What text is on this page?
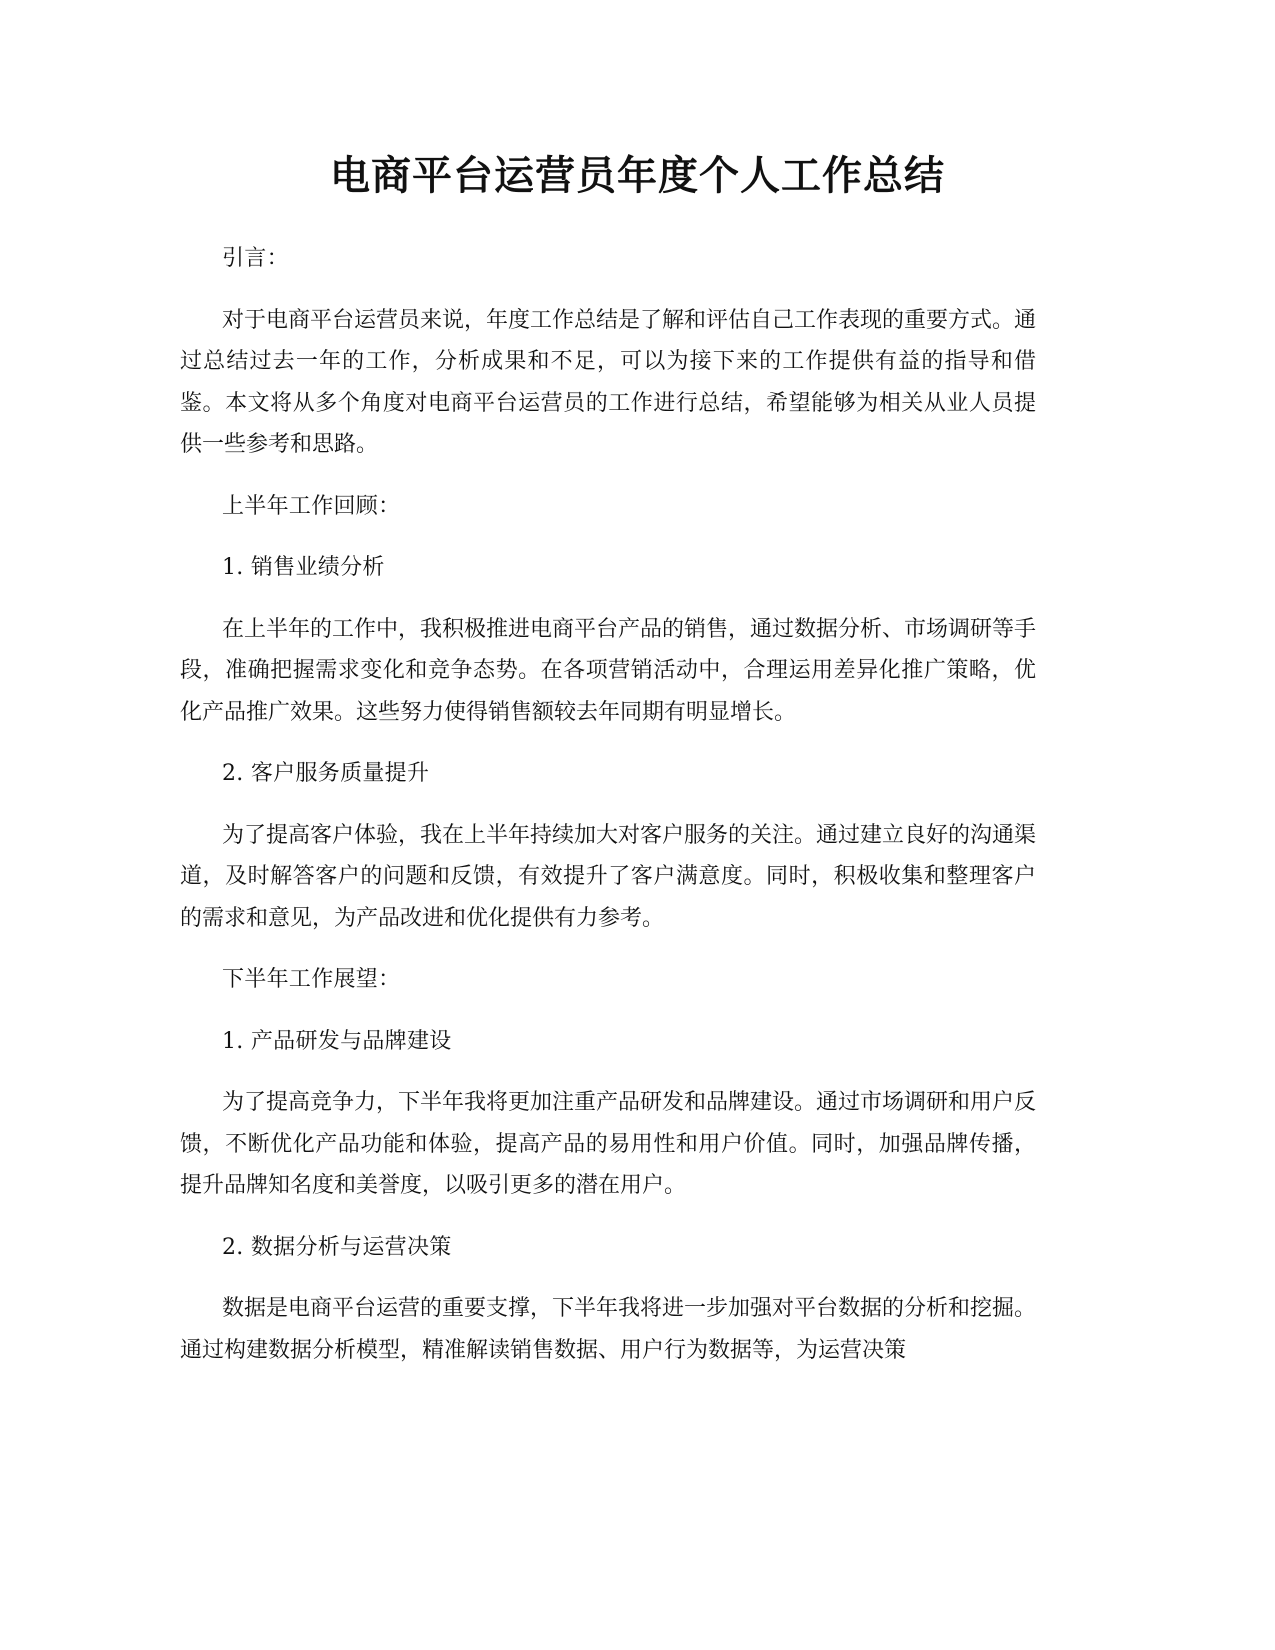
电商平台运营员年度个人工作总结

引言：

对于电商平台运营员来说，年度工作总结是了解和评估自己工作表现的重要方式。通过总结过去一年的工作，分析成果和不足，可以为接下来的工作提供有益的指导和借鉴。本文将从多个角度对电商平台运营员的工作进行总结，希望能够为相关从业人员提供一些参考和思路。

上半年工作回顾：

1. 销售业绩分析

在上半年的工作中，我积极推进电商平台产品的销售，通过数据分析、市场调研等手段，准确把握需求变化和竞争态势。在各项营销活动中，合理运用差异化推广策略，优化产品推广效果。这些努力使得销售额较去年同期有明显增长。

2. 客户服务质量提升

为了提高客户体验，我在上半年持续加大对客户服务的关注。通过建立良好的沟通渠道，及时解答客户的问题和反馈，有效提升了客户满意度。同时，积极收集和整理客户的需求和意见，为产品改进和优化提供有力参考。

下半年工作展望：

1. 产品研发与品牌建设

为了提高竞争力，下半年我将更加注重产品研发和品牌建设。通过市场调研和用户反馈，不断优化产品功能和体验，提高产品的易用性和用户价值。同时，加强品牌传播，提升品牌知名度和美誉度，以吸引更多的潜在用户。

2. 数据分析与运营决策

数据是电商平台运营的重要支撑，下半年我将进一步加强对平台数据的分析和挖掘。通过构建数据分析模型，精准解读销售数据、用户行为数据等，为运营决策
